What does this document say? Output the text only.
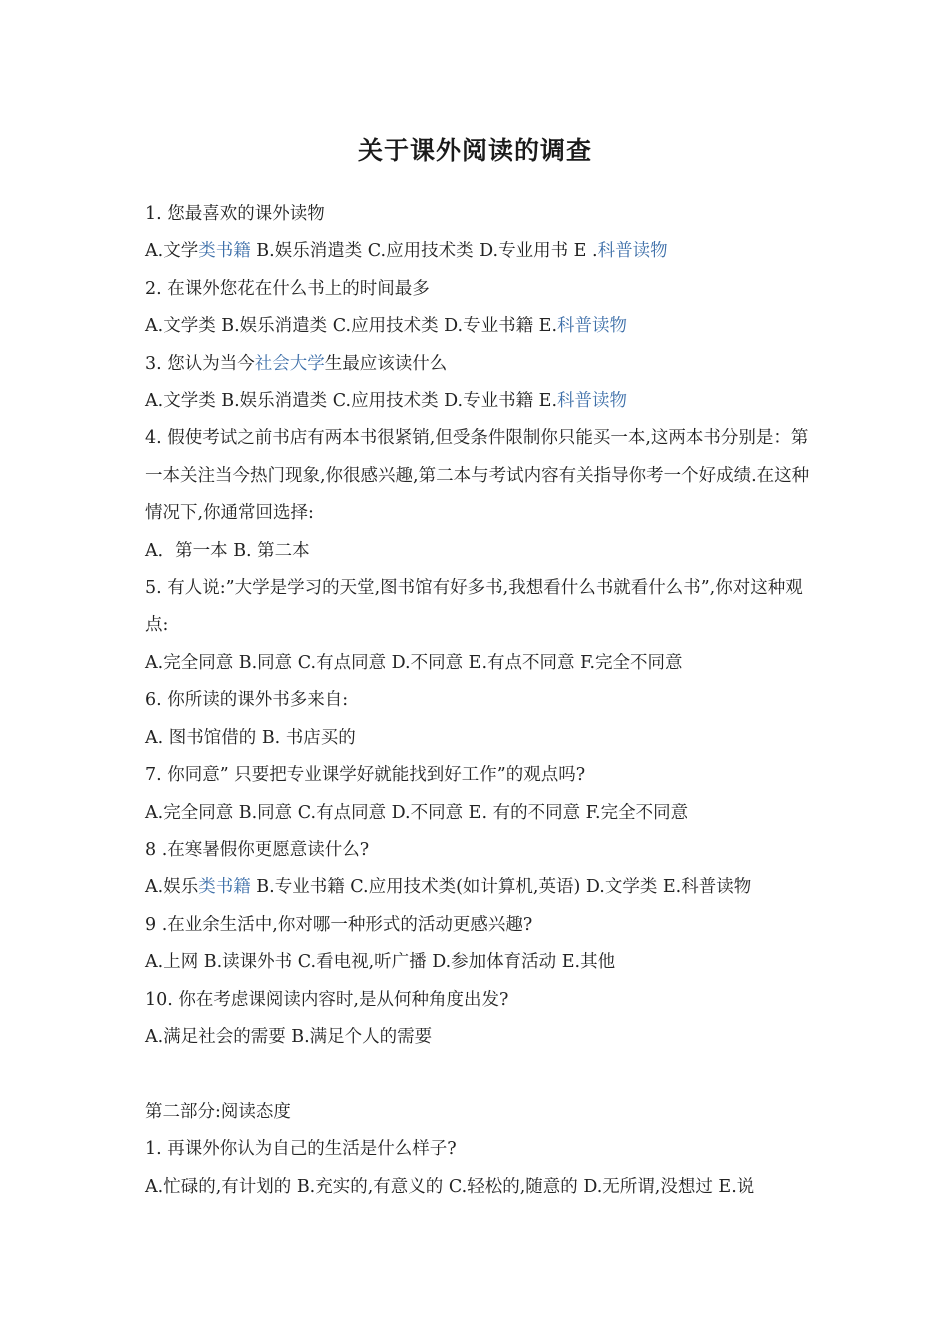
关于课外阅读的调查
1. 您最喜欢的课外读物
A.文学类书籍 B.娱乐消遣类 C.应用技术类 D.专业用书 E .科普读物
2. 在课外您花在什么书上的时间最多
A.文学类 B.娱乐消遣类 C.应用技术类 D.专业书籍 E.科普读物
3. 您认为当今社会大学生最应该读什么
A.文学类 B.娱乐消遣类 C.应用技术类 D.专业书籍 E.科普读物
4. 假使考试之前书店有两本书很紧销,但受条件限制你只能买一本,这两本书分别是：第一本关注当今热门现象,你很感兴趣,第二本与考试内容有关指导你考一个好成绩.在这种情况下,你通常回选择:
A．第一本 B. 第二本
5. 有人说:”大学是学习的天堂,图书馆有好多书,我想看什么书就看什么书”,你对这种观点:
A.完全同意 B.同意 C.有点同意 D.不同意 E.有点不同意 F.完全不同意
6. 你所读的课外书多来自:
A. 图书馆借的 B. 书店买的
7. 你同意” 只要把专业课学好就能找到好工作”的观点吗?
A.完全同意 B.同意 C.有点同意 D.不同意 E. 有的不同意 F.完全不同意
8 .在寒暑假你更愿意读什么?
A.娱乐类书籍 B.专业书籍 C.应用技术类(如计算机,英语) D.文学类 E.科普读物
9 .在业余生活中,你对哪一种形式的活动更感兴趣?
A.上网 B.读课外书 C.看电视,听广播 D.参加体育活动 E.其他
10. 你在考虑课阅读内容时,是从何种角度出发?
A.满足社会的需要 B.满足个人的需要
第二部分:阅读态度
1. 再课外你认为自己的生活是什么样子?
A.忙碌的,有计划的 B.充实的,有意义的 C.轻松的,随意的 D.无所谓,没想过 E.说
